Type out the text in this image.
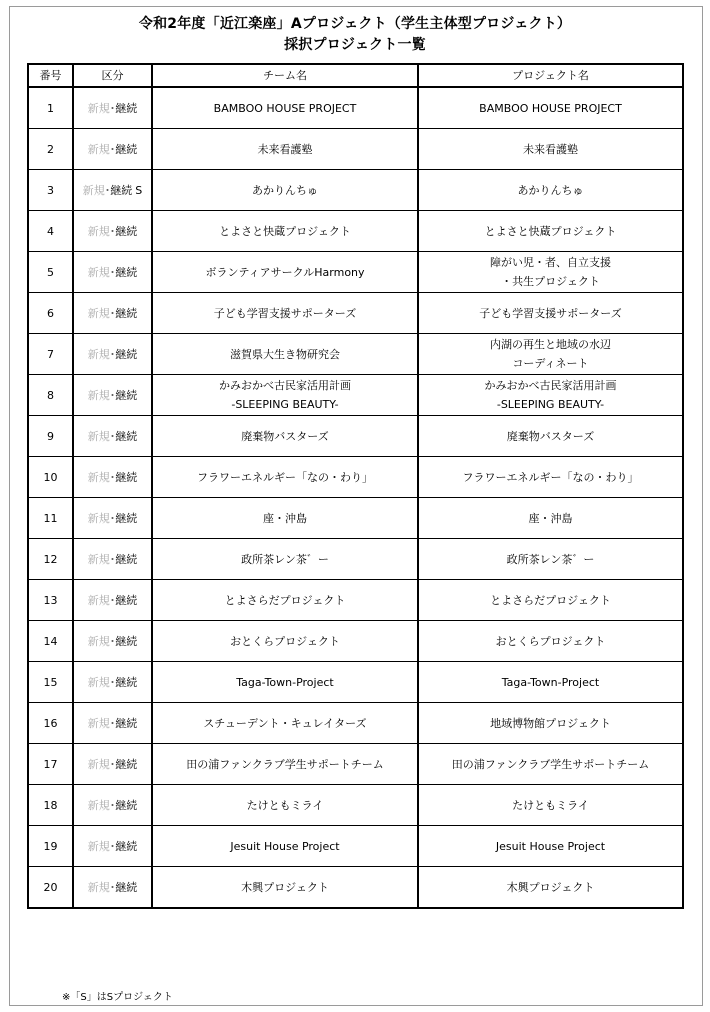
令和2年度「近江楽座」Aプロジェクト（学生主体型プロジェクト）
採択プロジェクト一覧
番号	区分	チーム名	プロジェクト名
1	新規･継続	BAMBOO HOUSE PROJECT	BAMBOO HOUSE PROJECT

2	新規･継続	未来看護塾	未来看護塾

3	新規･継続 S	あかりんちゅ	あかりんちゅ

4	新規･継続	とよさと快蔵プロジェクト	とよさと快蔵プロジェクト

5	新規･継続	ボランティアサークルHarmony	障がい児・者、自立支援
・共生プロジェクト

6	新規･継続	子ども学習支援サポーターズ	子ども学習支援サポーターズ

7	新規･継続	滋賀県大生き物研究会	内湖の再生と地域の水辺
コーディネート

8	新規･継続	かみおかべ古民家活用計画
-SLEEPING BEAUTY-	かみおかべ古民家活用計画
-SLEEPING BEAUTY-

9	新規･継続	廃棄物バスターズ	廃棄物バスターズ

10	新規･継続	フラワーエネルギー「なの・わり」	フラワーエネルギー「なの・わり」

11	新規･継続	座・沖島	座・沖島

12	新規･継続	政所茶レン茶゛ー	政所茶レン茶゛ー

13	新規･継続	とよさらだプロジェクト	とよさらだプロジェクト

14	新規･継続	おとくらプロジェクト	おとくらプロジェクト

15	新規･継続	Taga-Town-Project	Taga-Town-Project

16	新規･継続	スチューデント・キュレイターズ	地域博物館プロジェクト

17	新規･継続	田の浦ファンクラブ学生サポートチーム	田の浦ファンクラブ学生サポートチーム

18	新規･継続	たけともミライ	たけともミライ

19	新規･継続	Jesuit House Project	Jesuit House Project

20	新規･継続	木興プロジェクト	木興プロジェクト
※「S」はSプロジェクト
